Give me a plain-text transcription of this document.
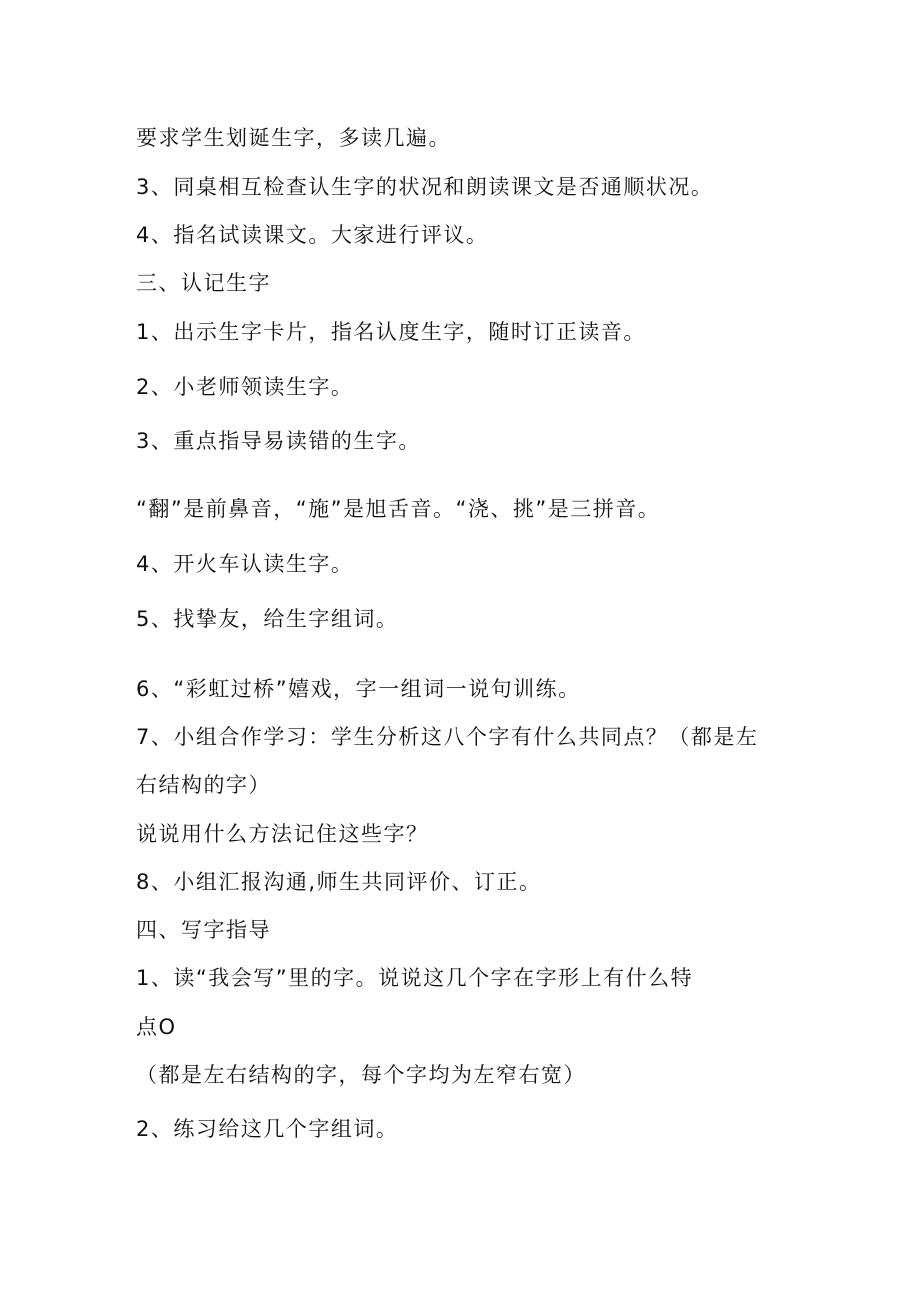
要求学生划诞生字，多读几遍。
3、同桌相互检查认生字的状况和朗读课文是否通顺状况。
4、指名试读课文。大家进行评议。
三、认记生字
1、出示生字卡片，指名认度生字，随时订正读音。
2、小老师领读生字。
3、重点指导易读错的生字。
“翻”是前鼻音，“施”是旭舌音。“浇、挑”是三拼音。
4、开火车认读生字。
5、找挚友，给生字组词。
6、“彩虹过桥”嬉戏，字一组词一说句训练。
7、小组合作学习：学生分析这八个字有什么共同点？（都是左
右结构的字）
说说用什么方法记住这些字？
8、小组汇报沟通,师生共同评价、订正。
四、写字指导
1、读“我会写”里的字。说说这几个字在字形上有什么特
点O
（都是左右结构的字，每个字均为左窄右宽）
2、练习给这几个字组词。
